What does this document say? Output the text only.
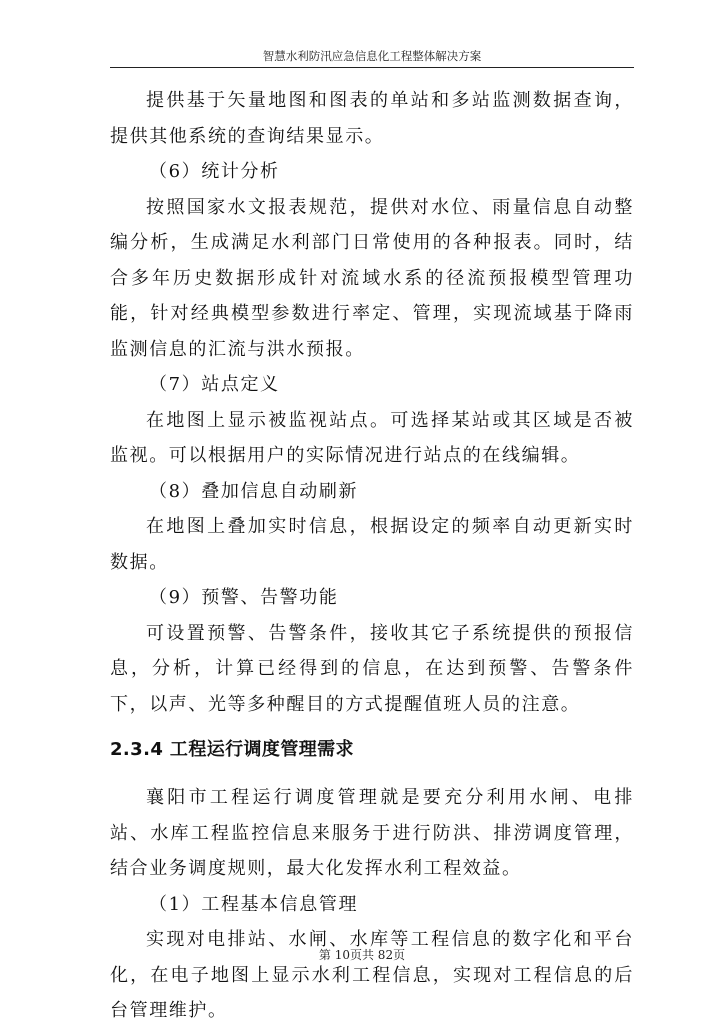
智慧水利防汛应急信息化工程整体解决方案

提供基于矢量地图和图表的单站和多站监测数据查询，提供其他系统的查询结果显示。

（6）统计分析

按照国家水文报表规范，提供对水位、雨量信息自动整编分析，生成满足水利部门日常使用的各种报表。同时，结合多年历史数据形成针对流域水系的径流预报模型管理功能，针对经典模型参数进行率定、管理，实现流域基于降雨监测信息的汇流与洪水预报。

（7）站点定义

在地图上显示被监视站点。可选择某站或其区域是否被监视。可以根据用户的实际情况进行站点的在线编辑。

（8）叠加信息自动刷新

在地图上叠加实时信息，根据设定的频率自动更新实时数据。

（9）预警、告警功能

可设置预警、告警条件，接收其它子系统提供的预报信息，分析，计算已经得到的信息，在达到预警、告警条件下，以声、光等多种醒目的方式提醒值班人员的注意。

2.3.4 工程运行调度管理需求

襄阳市工程运行调度管理就是要充分利用水闸、电排站、水库工程监控信息来服务于进行防洪、排涝调度管理，结合业务调度规则，最大化发挥水利工程效益。

（1）工程基本信息管理

实现对电排站、水闸、水库等工程信息的数字化和平台化，在电子地图上显示水利工程信息，实现对工程信息的后台管理维护。

第 10页共 82页
